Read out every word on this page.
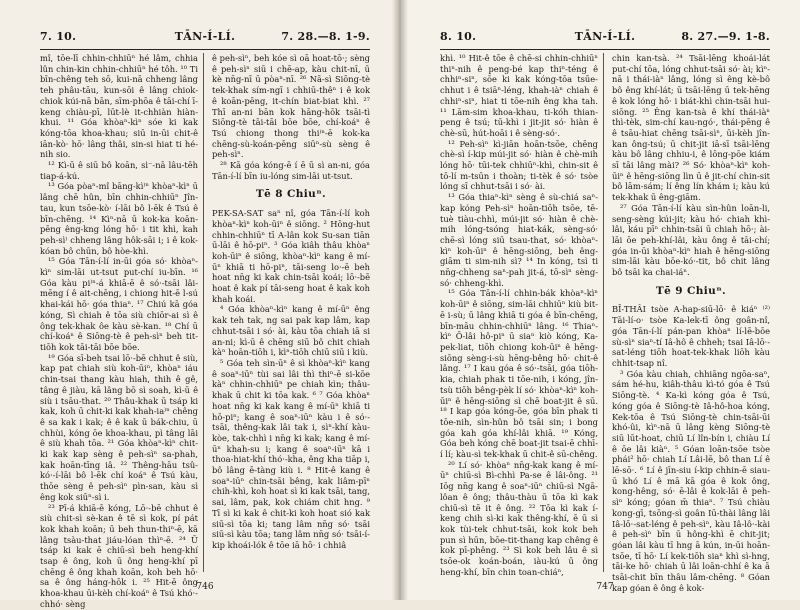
7. 10.	TĀN-Í-LÍ.	7. 28.—8. 1-9.

mî, tōe-lī chhin-chhiūⁿ hé lâm, chhia lûn chin-kin chhin-chhiūⁿ hé tôh. ¹⁰ Ti bīn-chêng teh sō, kui-nā chheng lâng teh phâu-tāu, kun-sōi ê lâng chiok-chiok kúi-nā bān, sīm-phōa ê tāi-chí ī-keng chiàu-pī, lūt-lè it-chhiàn hiàn-khui. ¹¹ Góa khòaⁿ-kìⁿ sóe ki kak kóng-tōa khoa-khau; siū in-ūi chit-ê iān-kò· hō· lâng thâi, sin-si hiat ti hé-nih sio.

¹² Kì-ū ê siū bô koān, si̍⁻-nā lâu-tēh tiap-á-kú.

¹³ Góa pòaⁿ-mî bāng-kì⁾ⁿ khòaⁿ-kìⁿ ū lâng chē hûn, bīn chhin-chhiūⁿ Jîn-tau, kun tsōe-kò· í-lāi bô l-ēk ê Tsú ê bīn-chēng. ¹⁴ Kìⁿ-nā ū kok-ka koān-pēng êng-kng lóng hō· i tit khì, kah peh-sì⁾ chheng lâng hôk-sāi i; i ê kok-kóan bô chūn, bô hòe-khì.

¹⁵ Góa Tān-í-lí in-ūi góa só· khòaⁿ-kìⁿ sim-lāi ut-tsut put-chí iu-bīn. ¹⁶ Góa kàu pi⁾ⁿ-á khiā-ē ê só·-tsāi lâi-mēng í ê ait-chēng, i chiong hit-ē l-sú khai-kái hō· góa thiaⁿ. ¹⁷ Chiú kā góa kóng, Sì chiah ê tōa siù chiōr-ai sì ê ông tek-khak ôe kàu sè-kan. ¹⁸ Chí ū chí-koáⁿ ê Siōng-tè ê peh-sìⁿ beh tit-tiōh kok tāi-tāi bōe bōe.

¹⁹ Góa sī-beh tsai lō·-bē chhut ê siù, kap pat chiah siù koh-ūiⁿ, khòaⁿ iáu chin-tsai thang kàu hiah, thih ê gê, tâng ê jiàu, kā lâng bō sì soah, kì-ū ê siù i tsāu-that. ²⁰ Thâu-khak ū tsáp ki kak, koh ū chit-ki kak khah-ia⁾ⁿ chêng ê sa kak i kak; ê ê kak ū bák-chiu, ū chhùi, kóng ōe khoa-khau, pì tâng lāi ê siù khah tōa. ²¹ Góa khòaⁿ-kìⁿ chit-ki kak kap sèng ê peh-sìⁿ sa-phah, kak hoān-tīng iâ. ²² Thêng-hāu tsû-kó·-í-lāi bô l-ēk chí koáⁿ ê Tsú kàu, thōe sèng ê peh-sìⁿ pìn-san, kàu sì êng kok siūⁿ-sì i.

²³ Pī-á khiā-ē kóng, Lō·-bē chhut ê siù chit-sì sè-kan ê tē sì kok, pí pát kok khah koān; ū beh thun-thiⁿ-ē, kā lâng tsàu-that jiáu-lóan thìⁿ-ē. ²⁴ Ū tsáp ki kak ē chiū-sì beh heng-khí tsap ê ông, koh ū ông heng-khí pī chēng ê ông khah koān, koh beh hō· sa ê ông háng-hōk i. ²⁵ Hit-ē ông khoa-khau ūi-kèh chí-koáⁿ ê Tsú khó·-chhó· sèng

ê peh-sìⁿ, beh kóe sì oā hoat-tō·; sèng ê peh-sìⁿ siū i chē-ap, kàu chit-nī, ū kè nn̄g-nī ū pòaⁿ-nī. ²⁶ Nā-sì Siōng-tè tek-khak sím-ngī i chhiū-thêⁿ i ê kok ê koān-pēng, it-chín biat-biat khì. ²⁷ Thī an-ni bān kok hāng-hōk tsāi-tì Siōng-tè tāi-tāi bōe bōe, chí-koáⁿ ê Tsú chiong thong thi⁾ⁿ-ē kok-ka chēng-sù-koán-pēng siūⁿ-sù sèng ê peh-sìⁿ.

²⁸ Kā góa kóng-ē í ē ū sì an-ni, góa Tān-í-lí bīn iu-lóng sim-lāi ut-tsut.

Tē 8 Chiuⁿ.

PEK-SA-SAT saⁿ nî, góa Tān-í-lí koh khòaⁿ-kìⁿ koh-ūiⁿ ê siōng. ² Hōng-hut chhin-chhiūⁿ tī A-lân kok Su-san tiān ū-lāi ê hō-piⁿ. ³ Góa kiâh thâu khòaⁿ koh-ūiⁿ ê siōng, khòaⁿ-kìⁿ kang ê mí-ūⁿ khiā ti hō-piⁿ, tāi-seng lo·-ē beh hoat nn̄g ki kak chin-tsāi koái; lō·-bē hoat ê kak pí tāi-seng hoat ê kak koh khah koái.

⁴ Góa khòaⁿ-kìⁿ kang ê mí-ūⁿ êng kak teh tak, ng sai pak kap lâm, kap chhut-tsāi i só· ài, kàu tōa chiah iā si an-ni; kì-ū ê chēng siū bô chit chiah kàⁿ hoān-tiōh i, kìⁿ-tiōh chiū siū i kiù.

⁵ Góa teh sìn-ūⁿ ê sì khòaⁿ-kìⁿ kang ê soaⁿ-iūⁿ tùi sai lâi thì thiⁿ-ē si-kōe kàⁿ chhin-chhiūⁿ pe chiah kìn; thâu-khak ū chit ki tōa kak. ⁶ ⁷ Góa khòaⁿ hoat nn̄g ki kak kang ê mí-ūⁿ khiā ti hō-piⁿ; kang ê soaⁿ-iūⁿ kàu i ê só·-tsāi, thêng-kak lâi tak i, sìⁿ-khí kàu-kòe, tak-chhì i nn̄g ki kak; kang ê mí-ūⁿ khah-su i; kang ê soaⁿ-iūⁿ kā i thoa-hiat-khí thó·-kha, êng kha tiāp i, bô lâng ē-tàng kiù i. ⁸ Hit-ê kang ê soaⁿ-iūⁿ chin-tsāi bêng, kak liâm-pīⁿ chih-khì, koh hoat sì ki kak tsāi, tang, sai, lâm, pak, kok chiám chit hng. ⁹ Tī sì ki kak ê chit-ki koh hoat sió kak siū-sì tōa ki; tang lâm nn̄g só· tsāi siū-sì kàu tōa; tang lâm nn̄g só· tsāi-í-kip khoái-lók ê tōe iā hō· i chhiâ

746
8. 10.	TĀN-Í-LÍ.	8. 27.—9. 1-8.

khì. ¹⁰ Hit-ê tōe ê chē-si chhin-chhiūⁿ thiⁿ-nih ê peng-bé kap thiⁿ-téng ê chhiⁿ-siⁿ, sōe ki kak kóng-tōa tsūe-chhut i ê tsiāⁿ-léng, khah-iàⁿ chiah ê chhiⁿ-siⁿ, hiat ti tōe-nih êng kha tah. ¹¹ Lām-sim khoa-khau, ti-kóh thian-peng ê tsú; tū-khì i jit-jit só· hiàn ê chè-sū, hút-hoāi i ê sèng-só·.

¹² Peh-sìⁿ kì-jiān hoān-tsōe, chēng chè-sì í-kip múi-jit só· hiàn ê chè-mih lóng hō· tūi-tek chhiūⁿ-khì, chin-sit ê tō-lí m-tsūn i thoàn; ti-tèk ê só· tsòe lóng sī chhut-tsāi i só· ài.

¹³ Góa thiaⁿ-kìⁿ sèng ê sù-chiá saⁿ-kap kóng Peh-sìⁿ hoān-tiōh tsōe, tē-tuè tiàu-chhì, múi-jit só· hiàn ê chè-mih lóng-tsóng hiat-kák, sèng-só· chē-sì lóng siū tsau-that, só· khòaⁿ-kìⁿ koh-ūiⁿ ê hēng-siōng, beh êng-giām ti sim-nih sì? ¹⁴ In kóng, tsì ti nn̄g-chheng saⁿ-pah jit-á, tō-sìⁿ sèng-só· chheng-khì.

¹⁵ Góa Tān-í-lí chhin-bák khòaⁿ-kìⁿ koh-ūiⁿ ê siōng, sim-lāi chhiūⁿ kiù bit-ē i-sù; ū lâng khiā ti góa ê bīn-chēng, bīn-māu chhin-chhiūⁿ lâng. ¹⁶ Thiaⁿ-kìⁿ Ō-lâi hô-piⁿ ū siaⁿ kiò kóng, Ka-pek-liat, tiōh chiong koh-ūiⁿ ê hēng-siōng sèng-i-sù hēng-bêng hō· chit-ê lâng. ¹⁷ I kau góa ê só·-tsāi, góa tiōh-kia, chiah phak ti tōe-nih, i kóng, jîn-tsù tiōh bêng-pèk lí só· khòaⁿ-kìⁿ koh-ūiⁿ ê hēng-siōng sì chē boat-jit ê sū. ¹⁸ I kap góa kóng-ōe, góa bīn phak ti tōe-nih, sìn-hûn bô tsāi sin; i bong góa kah góa khí-lâi khiā. ¹⁹ Kóng, Góa beh kóng chē boat-jit tsai-ē chhī-í lí; kàu-sì tek-khak ū chit-ê sū-chêng.

²⁰ Lí só· khòaⁿ nn̄g-kak kang ê mí-ūⁿ chiū-sì Bì-chhì Pa-se ê lâi-ông. ²¹ Iōg nn̄g kang ê soaⁿ-iūⁿ chiū-sì Ngā-lôan ê ông; thâu-thàu ū tōa kì kak chiū-sì tē it ê ông. ²² Tōa kì kak í-keng chih sì-ki kak thêng-khí, ē ū sì kok tùi-tek chhut-tsāi, kok kok beh pun sì hūn, bōe-tit-thang kap chêng ê kok pī-phêng. ²³ Sì kok beh lâu ê sì tsōe-ok koán-boán, iàu-kú ū ông heng-khí, bīn chin toan-chiáⁿ,

chin kan-tsà. ²⁴ Tsāi-lēng khoái-lát put-chí tōa, lóng chhut-tsāi só· ài; kìⁿ-nā i thái-iàⁿ lâng, lóng sì êng kè-bô bô êng khí-lát; ū tsāi-lēng ū tek-hēng ê kok lóng hō· i biát-khì chin-tsāi hui-siōng. ²⁵ Êng kan-tsà ê khí thái-iàⁿ thì-tèk, sim-chí kau-ngó·, thái-pēng ê ê tsāu-hiat chēng tsāi-sìⁿ, ūi-kèh jîn-kan ông-tsú; ū chit-jit iā-sī tsāi-lēng kàu bô lâng chhiu-i, ê lōng-pōe kiám sī tāi lâng mài? ²⁶ Só· khòaⁿ-kìⁿ koh-ūiⁿ ê hēng-siōng lìn ū ê jit-chí chin-sit bô lām-sám; lí êng lín khám i; kàu kú tek-khak ū êng-giām.

²⁷ Góa Tān-í-lí kàu sìn-hûn loān-li, seng-sèng kúi-jit; kàu hó· chiah khì-lâi, káu pīⁿ chhin-tsāi ū chiah hō·; ài-lāi ōe peh-khí-lâi, kàu ông ê tāi-chí; góa in-ūi khòaⁿ-kìⁿ hiah ê hēng-siōng sim-lāi kàu bōe-kó·-tit, bô chit lâng bô tsāi ka chai-iáⁿ.

Tē 9 Chiuⁿ.

BĪ-THÂI tsòe A-hap-siū-lō· ê kiáⁿ ⁽²⁾ Tāi-lí-o· tsòe Ka-lek-tī ông goân-nî, góa Tān-í-lí pán-pan khòaⁿ lí-lē-bōe sù-sìⁿ siaⁿ-tí Iâ-hô ê chheh; tsai Iâ-lō·-sat-léng tiōh hoat-tek-khak liōh kàu chhit-tsap nî.

³ Góa kàu chiah, chhiāng ngōa-saⁿ, sám hé-hu, kiâh-thâu kì-tó góa ê Tsú Siōng-tè. ⁴ Ka-kì kóng góa ê Tsú, kóng góa ê Siōng-tè Iâ-hô-hoa kóng, Kek-tōa ê Tsú Siōng-tè chin-tsāi-ūi khó-ûi, kìⁿ-nā ū lâng kèng Siōng-tè siū lūt-hoat, chiū Lí lîn-bín i, chiàu Lí ê ōe lâi kiàⁿ. ⁵ Góan loān-tsōe tsòe phái² hō· chiah Lí Lâi-lē, bô than Lí ê lē-sō·. ⁶ Lí ê jīn-siu í-kip chhin-ē siau-ū khó Lí ê mā kā góa ê kok ông, kong-hêng, só· ē-lâi ê kok-lāi ê peh-sìⁿ kóng; góan m̄ thiaⁿ. ⁷ Tsú chiàu kong-gī, tsōng-sì goân Iū-thài lâng lâi Iâ-lō·-sat-léng ê peh-sìⁿ, kàu Iâ-lô·-kài ê peh-sìⁿ bīn ū hông-khì ē chit-jit; góan lâi kàu tī hng ā kún, in-ūi hoān-tsōe, tī hō· Lí kek-tiōh siaⁿ khì sì-hng, tāi-ke hō· chiah ū lâi loān-chhí ê ka ā tsāi-chit bīn thâu lâm-chēng. ⁸ Góan kap góan ê ông ê kok-

747
